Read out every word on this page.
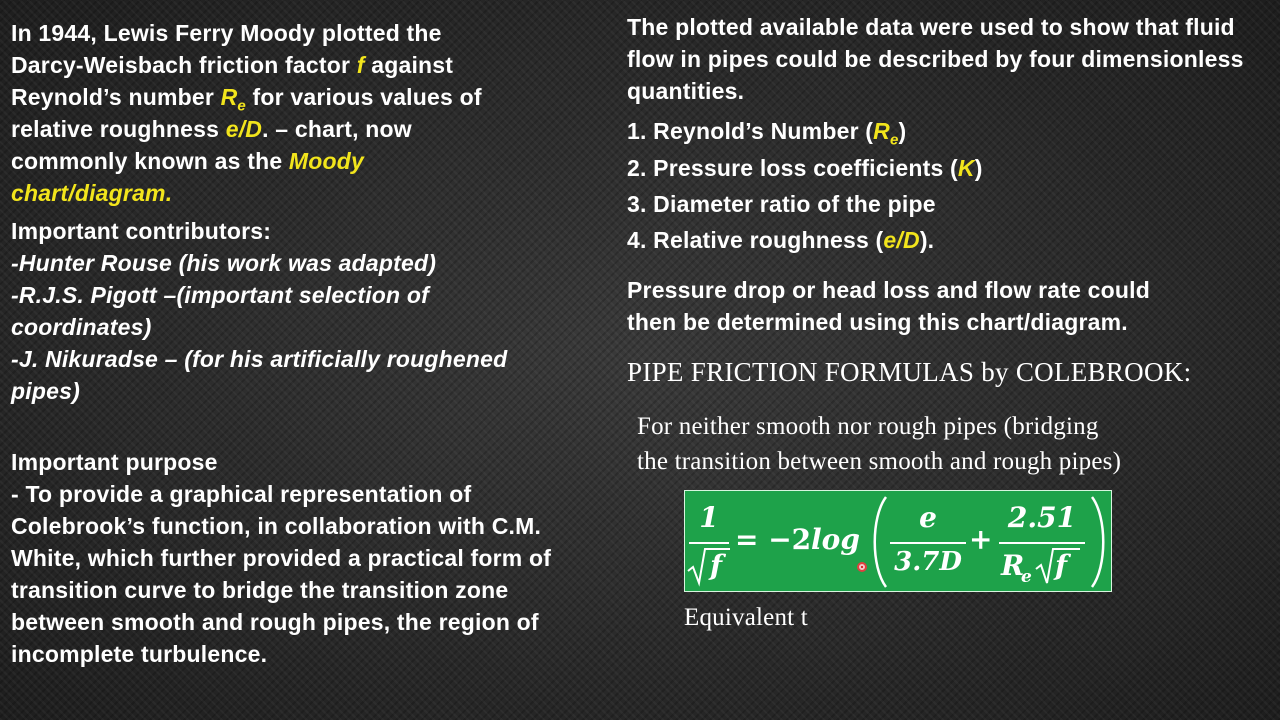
In 1944, Lewis Ferry Moody plotted the
Darcy-Weisbach friction factor f against
Reynold’s number $R_e$ for various values of
relative roughness e/D. – chart, now
commonly known as the Moody
chart/diagram.
Important contributors:
-Hunter Rouse (his work was adapted)
-R.J.S. Pigott –(important selection of
coordinates)
-J. Nikuradse – (for his artificially roughened
pipes)
Important purpose
- To provide a graphical representation of
Colebrook’s function, in collaboration with C.M.
White, which further provided a practical form of
transition curve to bridge the transition zone
between smooth and rough pipes, the region of
incomplete turbulence.
The plotted available data were used to show that fluid
flow in pipes could be described by four dimensionless
quantities.
1. Reynold’s Number $(R_e)$
2. Pressure loss coefficients (K)
3. Diameter ratio of the pipe
4. Relative roughness (e/D).
Pressure drop or head loss and flow rate could
then be determined using this chart/diagram.
PIPE FRICTION FORMULAS by COLEBROOK:
For neither smooth nor rough pipes (bridging
the transition between smooth and rough pipes)
1
f
= −2 log
e
3.7D
+
2.51
R
e f
Equivalent t
